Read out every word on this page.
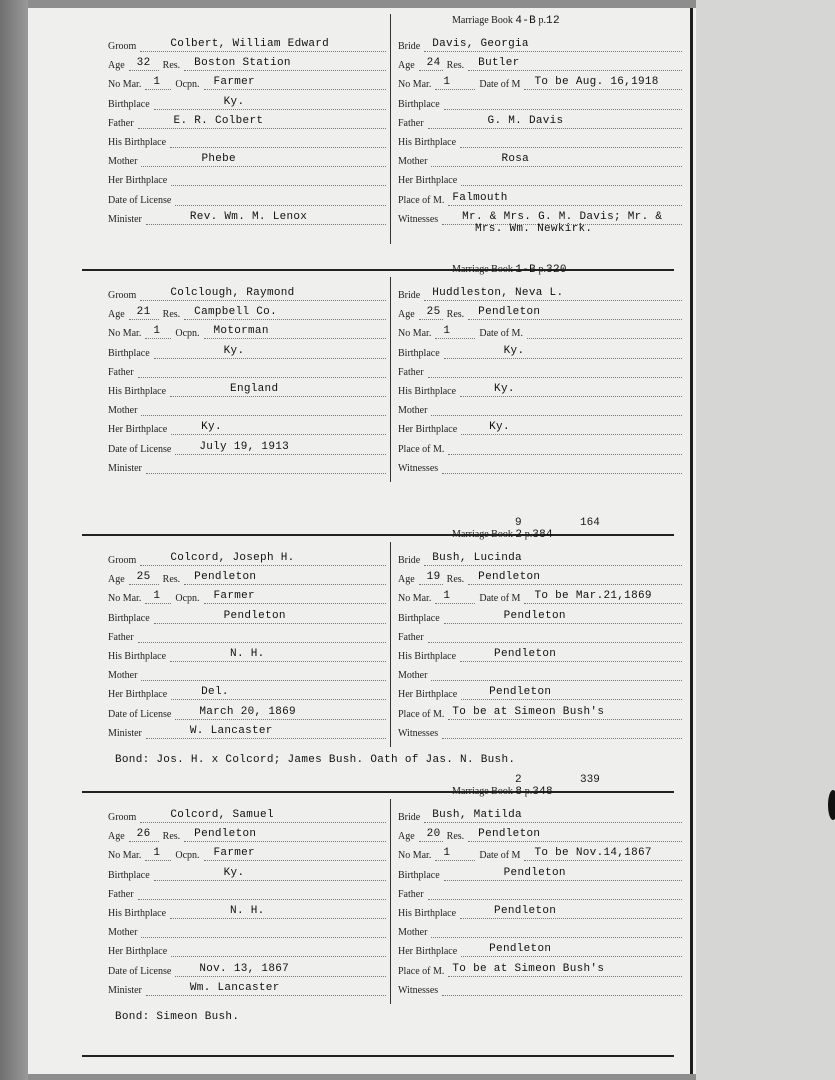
Groom	Colbert, William Edward
Age 32 Res. Boston Station
No Mar. 1 Ocpn. Farmer
Birthplace	Ky.
Father	E. R. Colbert
His Birthplace
Mother	Phebe
Her Birthplace
Date of License
Minister	Rev. Wm. M. Lenox
Marriage Book 4-B p.12
Bride Davis, Georgia
Age 24 Res. Butler
No Mar. 1	Date of M To be Aug. 16,1918
Birthplace
Father	G. M. Davis
His Birthplace
Mother	Rosa
Her Birthplace
Place of M. Falmouth
Witnesses Mr. & Mrs. G. M. Davis; Mr. &
Mrs. Wm. Newkirk.
Groom	Colclough, Raymond
Age 21 Res. Campbell Co.
No Mar. 1 Ocpn. Motorman
Birthplace	Ky.
Father
His Birthplace	England
Mother
Her Birthplace	Ky.
Date of License	July 19, 1913
Minister
Marriage Book 1-B p.320
Bride Huddleston, Neva L.
Age 25 Res. Pendleton
No Mar. 1	Date of M.
Birthplace	Ky.
Father
His Birthplace	Ky.
Mother
Her Birthplace	Ky.
Place of M.
Witnesses
Groom	Colcord, Joseph H.
Age 25 Res. Pendleton
No Mar. 1 Ocpn. Farmer
Birthplace	Pendleton
Father
His Birthplace	N. H.
Mother
Her Birthplace	Del.
Date of License	March 20, 1869
Minister	W. Lancaster
9	164
Marriage Book 2 p.384
Bride Bush, Lucinda
Age 19 Res. Pendleton
No Mar. 1	Date of M To be Mar.21,1869
Birthplace	Pendleton
Father
His Birthplace	Pendleton
Mother
Her Birthplace	Pendleton
Place of M. To be at Simeon Bush's
Witnesses
Bond: Jos. H. x Colcord; James Bush. Oath of Jas. N. Bush.
Groom	Colcord, Samuel
Age 26 Res. Pendleton
No Mar. 1 Ocpn. Farmer
Birthplace	Ky.
Father
His Birthplace	N. H.
Mother
Her Birthplace
Date of License	Nov. 13, 1867
Minister	Wm. Lancaster
2	339
Marriage Book 8 p.348
Bride Bush, Matilda
Age 20 Res. Pendleton
No Mar. 1	Date of M To be Nov.14,1867
Birthplace	Pendleton
Father
His Birthplace	Pendleton
Mother
Her Birthplace	Pendleton
Place of M. To be at Simeon Bush's
Witnesses
Bond: Simeon Bush.
